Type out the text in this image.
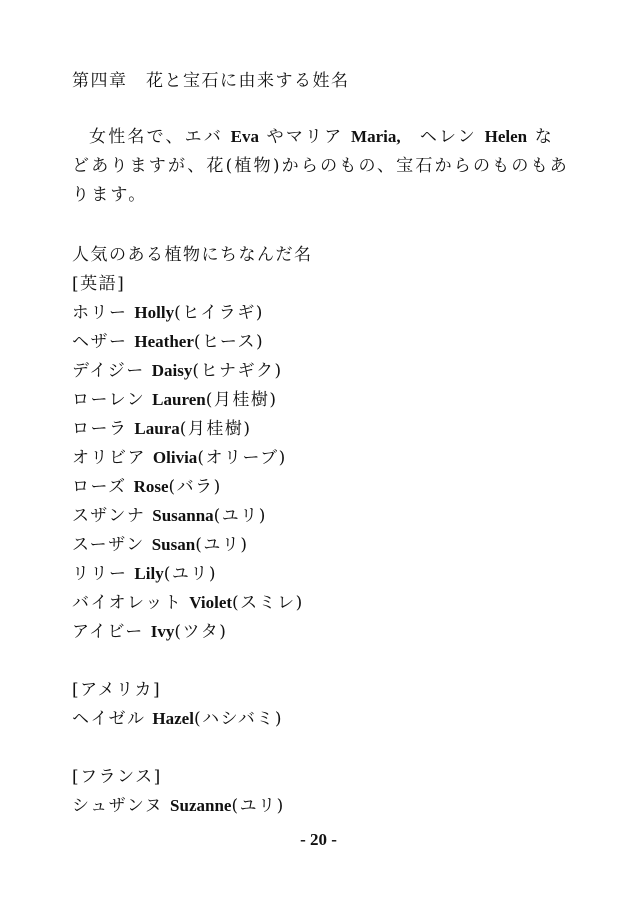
第四章　花と宝石に由来する姓名
女性名で、エバ Eva やマリア Maria,　 ヘレン Helen などありますが、花(植物)からのもの、宝石からのものもあります。
人気のある植物にちなんだ名
[英語]
ホリー Holly(ヒイラギ)
ヘザー Heather(ヒース)
デイジー Daisy(ヒナギク)
ローレン Lauren(月桂樹)
ローラ Laura(月桂樹)
オリビア Olivia(オリーブ)
ローズ Rose(バラ)
スザンナ Susanna(ユリ)
スーザン Susan(ユリ)
リリー Lily(ユリ)
バイオレット Violet(スミレ)
アイビー Ivy(ツタ)
[アメリカ]
ヘイゼル Hazel(ハシバミ)
[フランス]
シュザンヌ Suzanne(ユリ)
- 20 -
